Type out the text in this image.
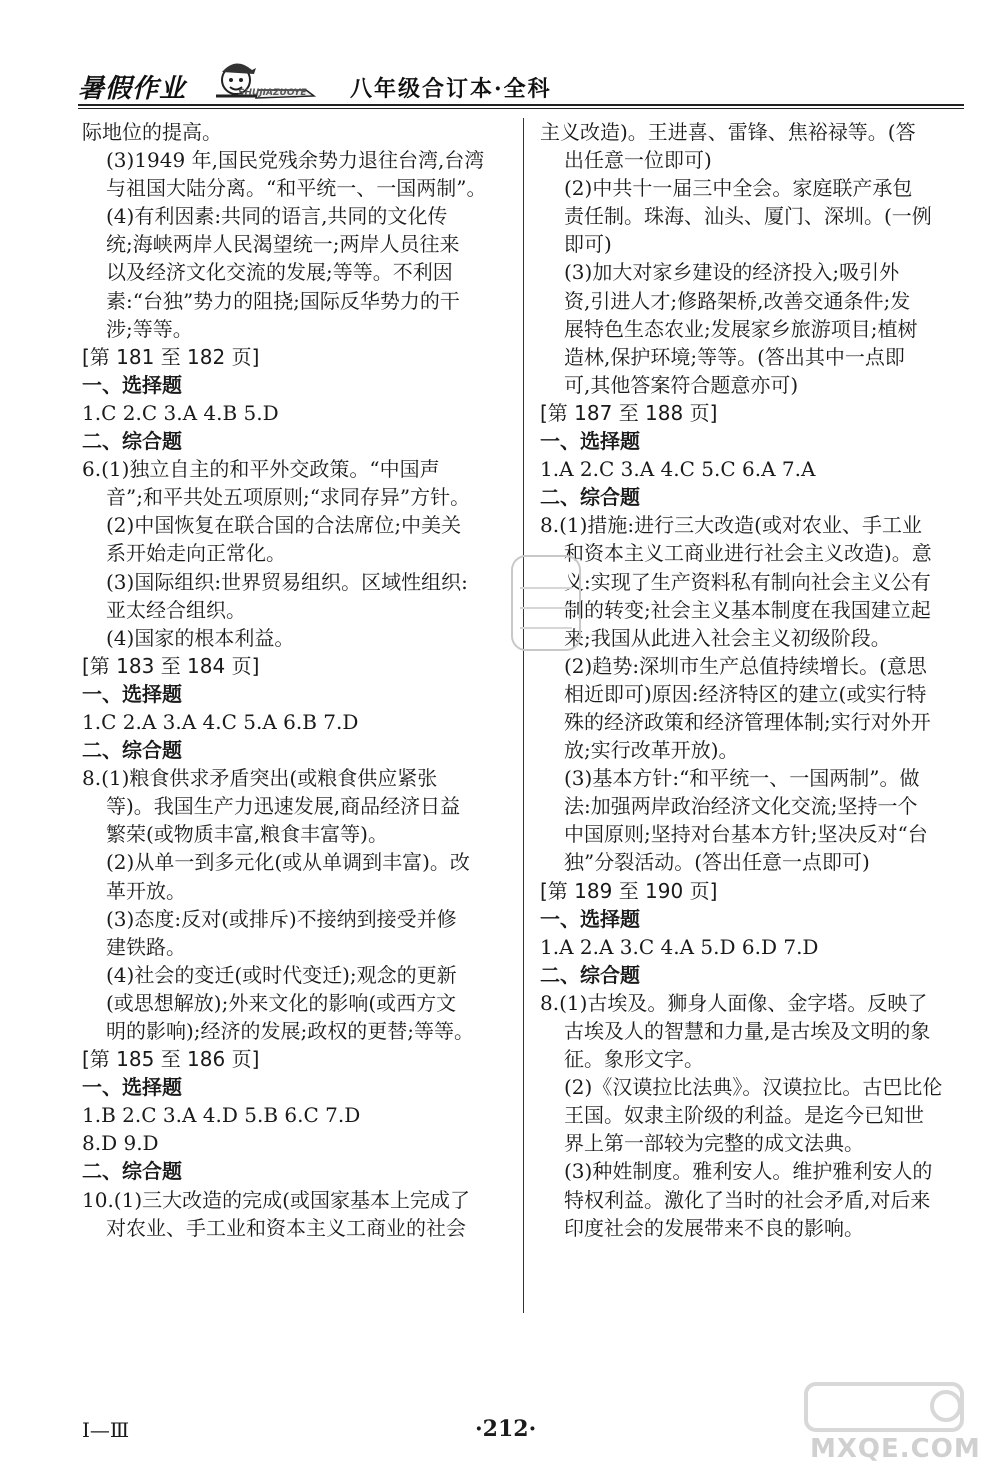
暑假作业	SHUJIAZUOYE 八年级合订本·全科
际地位的提高。
(3)1949 年,国民党残余势力退往台湾,台湾
与祖国大陆分离。“和平统一、一国两制”。
(4)有利因素:共同的语言,共同的文化传
统;海峡两岸人民渴望统一;两岸人员往来
以及经济文化交流的发展;等等。不利因
素:“台独”势力的阻挠;国际反华势力的干
涉;等等。
[第 181 至 182 页]
一、选择题
1.C 2.C 3.A 4.B 5.D
二、综合题
6.(1)独立自主的和平外交政策。“中国声
音”;和平共处五项原则;“求同存异”方针。
(2)中国恢复在联合国的合法席位;中美关
系开始走向正常化。
(3)国际组织:世界贸易组织。区域性组织:
亚太经合组织。
(4)国家的根本利益。
[第 183 至 184 页]
一、选择题
1.C 2.A 3.A 4.C 5.A 6.B 7.D
二、综合题
8.(1)粮食供求矛盾突出(或粮食供应紧张
等)。我国生产力迅速发展,商品经济日益
繁荣(或物质丰富,粮食丰富等)。
(2)从单一到多元化(或从单调到丰富)。改
革开放。
(3)态度:反对(或排斥)不接纳到接受并修
建铁路。
(4)社会的变迁(或时代变迁);观念的更新
(或思想解放);外来文化的影响(或西方文
明的影响);经济的发展;政权的更替;等等。
[第 185 至 186 页]
一、选择题
1.B 2.C 3.A 4.D 5.B 6.C 7.D
8.D 9.D
二、综合题
10.(1)三大改造的完成(或国家基本上完成了
对农业、手工业和资本主义工商业的社会
主义改造)。王进喜、雷锋、焦裕禄等。(答
出任意一位即可)
(2)中共十一届三中全会。家庭联产承包
责任制。珠海、汕头、厦门、深圳。(一例
即可)
(3)加大对家乡建设的经济投入;吸引外
资,引进人才;修路架桥,改善交通条件;发
展特色生态农业;发展家乡旅游项目;植树
造林,保护环境;等等。(答出其中一点即
可,其他答案符合题意亦可)
[第 187 至 188 页]
一、选择题
1.A 2.C 3.A 4.C 5.C 6.A 7.A
二、综合题
8.(1)措施:进行三大改造(或对农业、手工业
和资本主义工商业进行社会主义改造)。意
义:实现了生产资料私有制向社会主义公有
制的转变;社会主义基本制度在我国建立起
来;我国从此进入社会主义初级阶段。
(2)趋势:深圳市生产总值持续增长。(意思
相近即可)原因:经济特区的建立(或实行特
殊的经济政策和经济管理体制;实行对外开
放;实行改革开放)。
(3)基本方针:“和平统一、一国两制”。做
法:加强两岸政治经济文化交流;坚持一个
中国原则;坚持对台基本方针;坚决反对“台
独”分裂活动。(答出任意一点即可)
[第 189 至 190 页]
一、选择题
1.A 2.A 3.C 4.A 5.D 6.D 7.D
二、综合题
8.(1)古埃及。狮身人面像、金字塔。反映了
古埃及人的智慧和力量,是古埃及文明的象
征。象形文字。
(2)《汉谟拉比法典》。汉谟拉比。古巴比伦
王国。奴隶主阶级的利益。是迄今已知世
界上第一部较为完整的成文法典。
(3)种姓制度。雅利安人。维护雅利安人的
特权利益。激化了当时的社会矛盾,对后来
印度社会的发展带来不良的影响。
Ⅰ—Ⅲ	·212·
MXQE.COM
